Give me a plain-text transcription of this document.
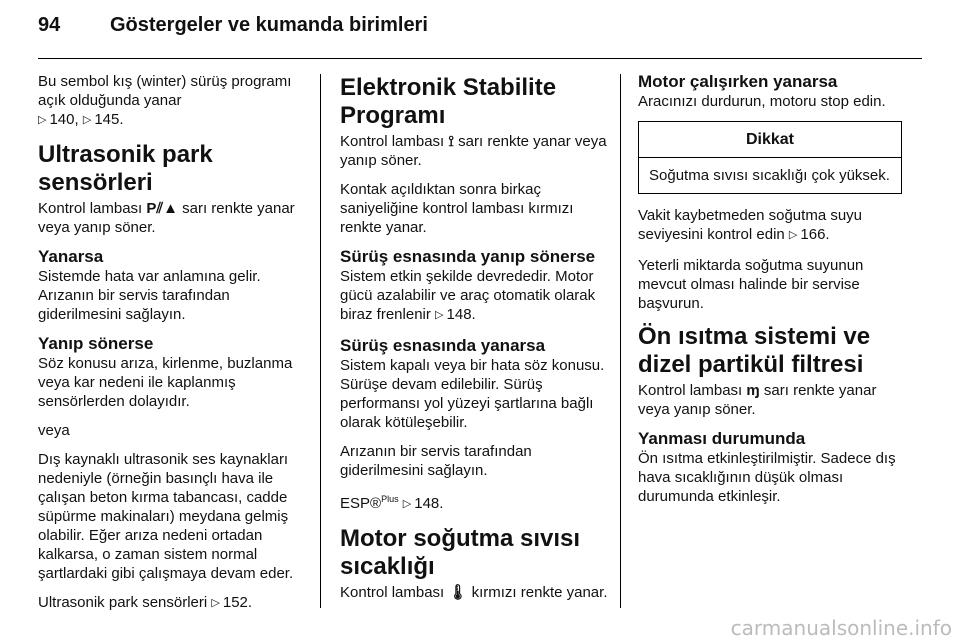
94	Göstergeler ve kumanda birimleri

Bu sembol kış (winter) sürüş programı açık olduğunda yanar
▷ 140, ▷ 145.

Ultrasonik park sensörleri

Kontrol lambası P⫽▲ sarı renkte yanar veya yanıp söner.

Yanarsa

Sistemde hata var anlamına gelir. Arızanın bir servis tarafından giderilmesini sağlayın.

Yanıp sönerse

Söz konusu arıza, kirlenme, buzlanma veya kar nedeni ile kaplanmış sensörlerden dolayıdır.

veya

Dış kaynaklı ultrasonik ses kaynakları nedeniyle (örneğin basınçlı hava ile çalışan beton kırma tabancası, cadde süpürme makinaları) meydana gelmiş olabilir. Eğer arıza nedeni ortadan kalkarsa, o zaman sistem normal şartlardaki gibi çalışmaya devam eder.

Ultrasonik park sensörleri ▷ 152.

Elektronik Stabilite Programı

Kontrol lambası ⟟ sarı renkte yanar veya yanıp söner.

Kontak açıldıktan sonra birkaç saniyeliğine kontrol lambası kırmızı renkte yanar.

Sürüş esnasında yanıp sönerse

Sistem etkin şekilde devrededir. Motor gücü azalabilir ve araç otomatik olarak biraz frenlenir ▷ 148.

Sürüş esnasında yanarsa

Sistem kapalı veya bir hata söz konusu. Sürüşe devam edilebilir. Sürüş performansı yol yüzeyi şartlarına bağlı olarak kötüleşebilir.

Arızanın bir servis tarafından giderilmesini sağlayın.

ESP®$^{Plus}$ ▷ 148.

Motor soğutma sıvısı sıcaklığı

Kontrol lambası 🌡 kırmızı renkte yanar.

Motor çalışırken yanarsa

Aracınızı durdurun, motoru stop edin.

Dikkat
Soğutma sıvısı sıcaklığı çok yüksek.

Vakit kaybetmeden soğutma suyu seviyesini kontrol edin ▷ 166.

Yeterli miktarda soğutma suyunun mevcut olması halinde bir servise başvurun.

Ön ısıtma sistemi ve dizel partikül filtresi

Kontrol lambası ɱ sarı renkte yanar veya yanıp söner.

Yanması durumunda

Ön ısıtma etkinleştirilmiştir. Sadece dış hava sıcaklığının düşük olması durumunda etkinleşir.

carmanualsonline.info
